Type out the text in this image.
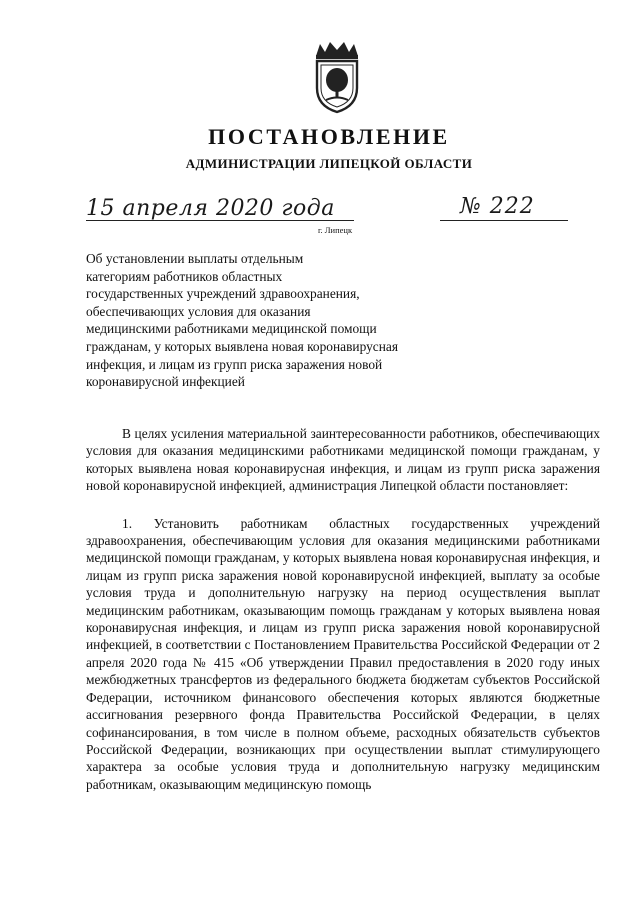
ПОСТАНОВЛЕНИЕ
АДМИНИСТРАЦИИ ЛИПЕЦКОЙ ОБЛАСТИ
15 апреля 2020 года
г. Липецк
№ 222
Об установлении выплаты отдельным
категориям работников областных
государственных учреждений здравоохранения,
обеспечивающих условия для оказания
медицинскими работниками медицинской помощи
гражданам, у которых выявлена новая коронавирусная
инфекция, и лицам из групп риска заражения новой
коронавирусной инфекцией

В целях усиления материальной заинтересованности работников, обеспечивающих условия для оказания медицинскими работниками медицинской помощи гражданам, у которых выявлена новая коронавирусная инфекция, и лицам из групп риска заражения новой коронавирусной инфекцией, администрация Липецкой области постановляет:

1. Установить работникам областных государственных учреждений здравоохранения, обеспечивающим условия для оказания медицинскими работниками медицинской помощи гражданам, у которых выявлена новая коронавирусная инфекция, и лицам из групп риска заражения новой коронавирусной инфекцией, выплату за особые условия труда и дополнительную нагрузку на период осуществления выплат медицинским работникам, оказывающим помощь гражданам у которых выявлена новая коронавирусная инфекция, и лицам из групп риска заражения новой коронавирусной инфекцией, в соответствии с Постановлением Правительства Российской Федерации от 2 апреля 2020 года № 415 «Об утверждении Правил предоставления в 2020 году иных межбюджетных трансфертов из федерального бюджета бюджетам субъектов Российской Федерации, источником финансового обеспечения которых являются бюджетные ассигнования резервного фонда Правительства Российской Федерации, в целях софинансирования, в том числе в полном объеме, расходных обязательств субъектов Российской Федерации, возникающих при осуществлении выплат стимулирующего характера за особые условия труда и дополнительную нагрузку медицинским работникам, оказывающим медицинскую помощь
